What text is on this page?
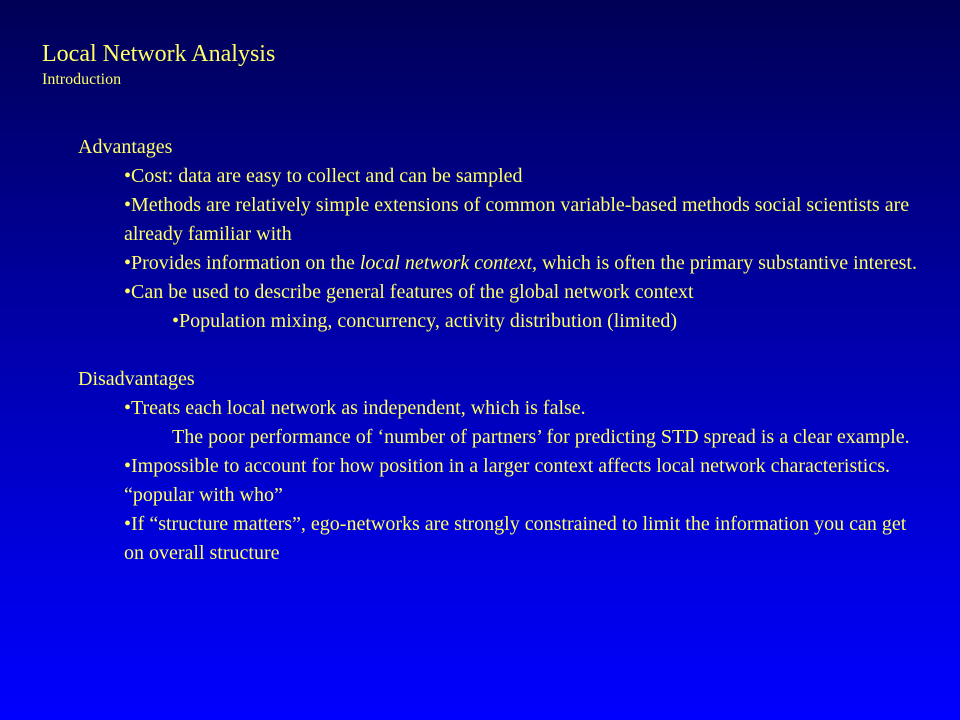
Local Network Analysis
Introduction

Advantages

•Cost: data are easy to collect and can be sampled

•Methods are relatively simple extensions of common variable-based methods social scientists are already familiar with

•Provides information on the local network context, which is often the primary substantive interest.

•Can be used to describe general features of the global network context

•Population mixing, concurrency, activity distribution (limited)

Disadvantages

•Treats each local network as independent, which is false.

The poor performance of ‘number of partners’ for predicting STD spread is a clear example.

•Impossible to account for how position in a larger context affects local network characteristics. “popular with who”

•If “structure matters”, ego-networks are strongly constrained to limit the information you can get on overall structure
